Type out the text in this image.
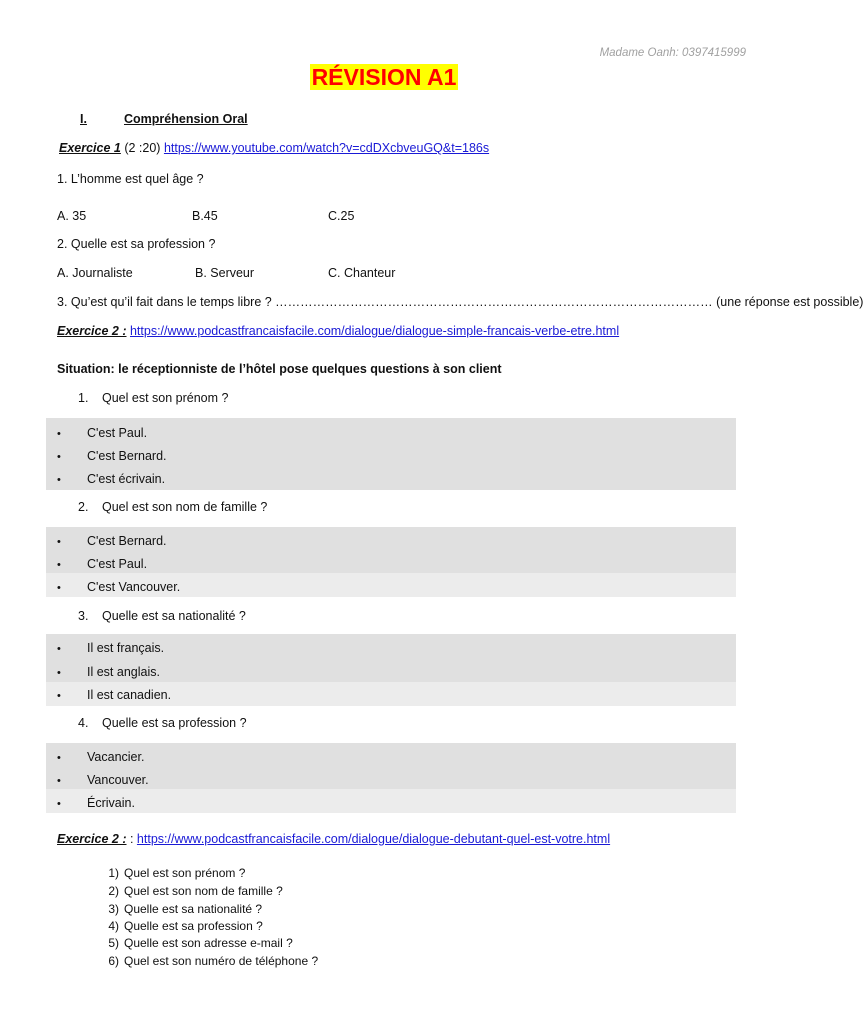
Madame Oanh: 0397415999
RÉVISION A1
I.	Compréhension Oral
Exercice 1 (2 :20) https://www.youtube.com/watch?v=cdDXcbveuGQ&t=186s
1. L’homme est quel âge ?
A. 35	B.45	C.25
2. Quelle est sa profession ?
A. Journaliste	B. Serveur	C. Chanteur
3. Qu’est qu’il fait dans le temps libre ? …………………………………………………………………………………………… (une réponse est possible)
Exercice 2 : https://www.podcastfrancaisfacile.com/dialogue/dialogue-simple-francais-verbe-etre.html
Situation: le réceptionniste de l’hôtel pose quelques questions à son client
1. Quel est son prénom ?
• C'est Paul.
• C'est Bernard.
• C'est écrivain.
2. Quel est son nom de famille ?
• C'est Bernard.
• C'est Paul.
• C'est Vancouver.
3. Quelle est sa nationalité ?
• Il est français.
• Il est anglais.
• Il est canadien.
4. Quelle est sa profession ?
• Vacancier.
• Vancouver.
• Écrivain.
Exercice 2 : : https://www.podcastfrancaisfacile.com/dialogue/dialogue-debutant-quel-est-votre.html
1) Quel est son prénom ?
2) Quel est son nom de famille ?
3) Quelle est sa nationalité ?
4) Quelle est sa profession ?
5) Quelle est son adresse e-mail ?
6) Quel est son numéro de téléphone ?
